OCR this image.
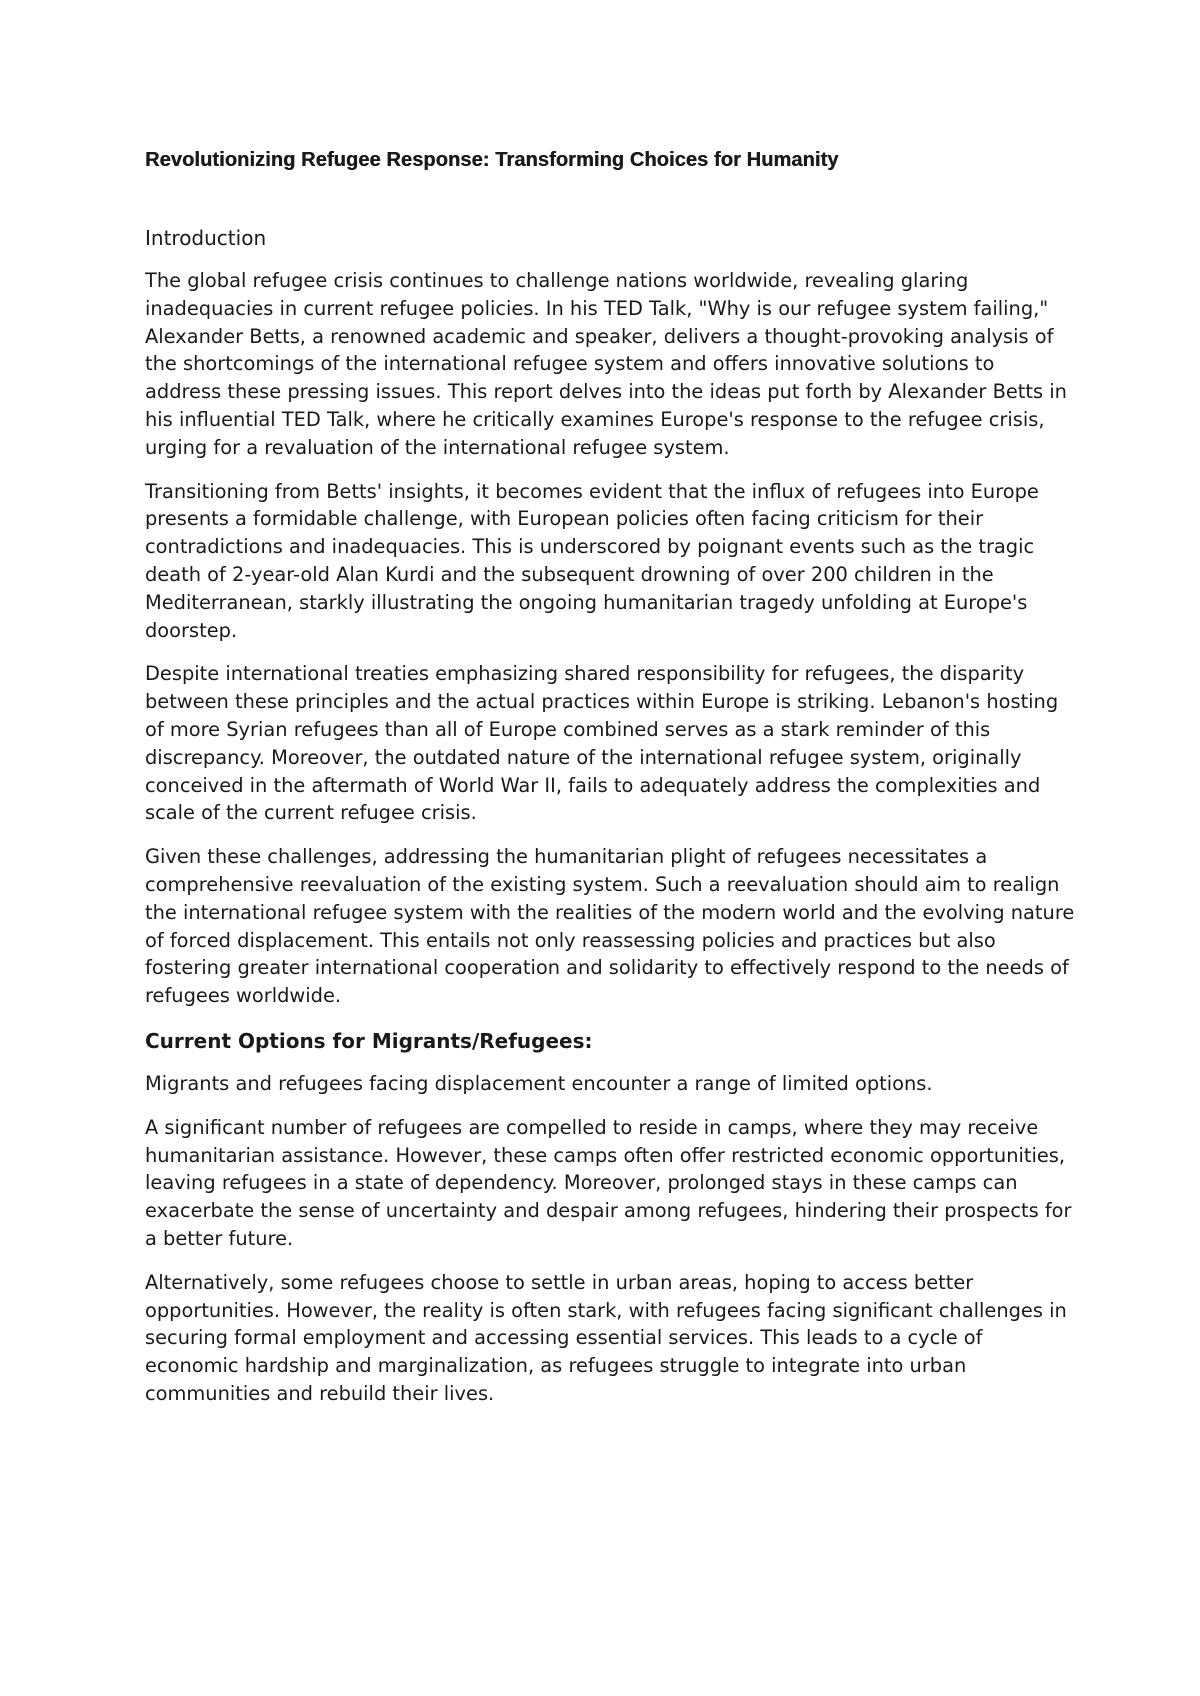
Revolutionizing Refugee Response: Transforming Choices for Humanity
Introduction

The global refugee crisis continues to challenge nations worldwide, revealing glaring inadequacies in current refugee policies. In his TED Talk, "Why is our refugee system failing," Alexander Betts, a renowned academic and speaker, delivers a thought-provoking analysis of the shortcomings of the international refugee system and offers innovative solutions to address these pressing issues. This report delves into the ideas put forth by Alexander Betts in his influential TED Talk, where he critically examines Europe's response to the refugee crisis, urging for a revaluation of the international refugee system.

Transitioning from Betts' insights, it becomes evident that the influx of refugees into Europe presents a formidable challenge, with European policies often facing criticism for their contradictions and inadequacies. This is underscored by poignant events such as the tragic death of 2-year-old Alan Kurdi and the subsequent drowning of over 200 children in the Mediterranean, starkly illustrating the ongoing humanitarian tragedy unfolding at Europe's doorstep.

Despite international treaties emphasizing shared responsibility for refugees, the disparity between these principles and the actual practices within Europe is striking. Lebanon's hosting of more Syrian refugees than all of Europe combined serves as a stark reminder of this discrepancy. Moreover, the outdated nature of the international refugee system, originally conceived in the aftermath of World War II, fails to adequately address the complexities and scale of the current refugee crisis.

Given these challenges, addressing the humanitarian plight of refugees necessitates a comprehensive reevaluation of the existing system. Such a reevaluation should aim to realign the international refugee system with the realities of the modern world and the evolving nature of forced displacement. This entails not only reassessing policies and practices but also fostering greater international cooperation and solidarity to effectively respond to the needs of refugees worldwide.

Current Options for Migrants/Refugees:

Migrants and refugees facing displacement encounter a range of limited options.

A significant number of refugees are compelled to reside in camps, where they may receive humanitarian assistance. However, these camps often offer restricted economic opportunities, leaving refugees in a state of dependency. Moreover, prolonged stays in these camps can exacerbate the sense of uncertainty and despair among refugees, hindering their prospects for a better future.

Alternatively, some refugees choose to settle in urban areas, hoping to access better opportunities. However, the reality is often stark, with refugees facing significant challenges in securing formal employment and accessing essential services. This leads to a cycle of economic hardship and marginalization, as refugees struggle to integrate into urban communities and rebuild their lives.
